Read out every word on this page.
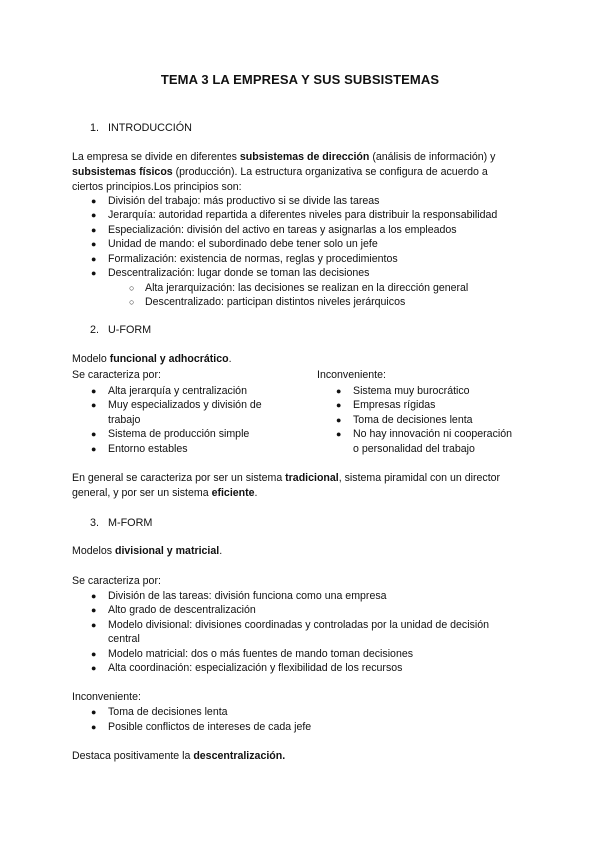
TEMA 3 LA EMPRESA Y SUS SUBSISTEMAS
1. INTRODUCCIÓN
La empresa se divide en diferentes subsistemas de dirección (análisis de información) y
subsistemas físicos (producción). La estructura organizativa se configura de acuerdo a
ciertos principios.Los principios son:
● División del trabajo: más productivo si se divide las tareas
● Jerarquía: autoridad repartida a diferentes niveles para distribuir la responsabilidad
● Especialización: división del activo en tareas y asignarlas a los empleados
● Unidad de mando: el subordinado debe tener solo un jefe
● Formalización: existencia de normas, reglas y procedimientos
● Descentralización: lugar donde se toman las decisiones
○ Alta jerarquización: las decisiones se realizan en la dirección general
○ Descentralizado: participan distintos niveles jerárquicos
2. U-FORM
Modelo funcional y adhocrático.
Se caracteriza por:	Inconveniente:
● Alta jerarquía y centralización
● Muy especializados y división de
trabajo
● Sistema de producción simple
● Entorno estables
● Sistema muy burocrático
● Empresas rígidas
● Toma de decisiones lenta
● No hay innovación ni cooperación
o personalidad del trabajo
En general se caracteriza por ser un sistema tradicional, sistema piramidal con un director
general, y por ser un sistema eficiente.
3. M-FORM
Modelos divisional y matricial.
Se caracteriza por:
● División de las tareas: división funciona como una empresa
● Alto grado de descentralización
● Modelo divisional: divisiones coordinadas y controladas por la unidad de decisión
central
● Modelo matricial: dos o más fuentes de mando toman decisiones
● Alta coordinación: especialización y flexibilidad de los recursos
Inconveniente:
● Toma de decisiones lenta
● Posible conflictos de intereses de cada jefe
Destaca positivamente la descentralización.
